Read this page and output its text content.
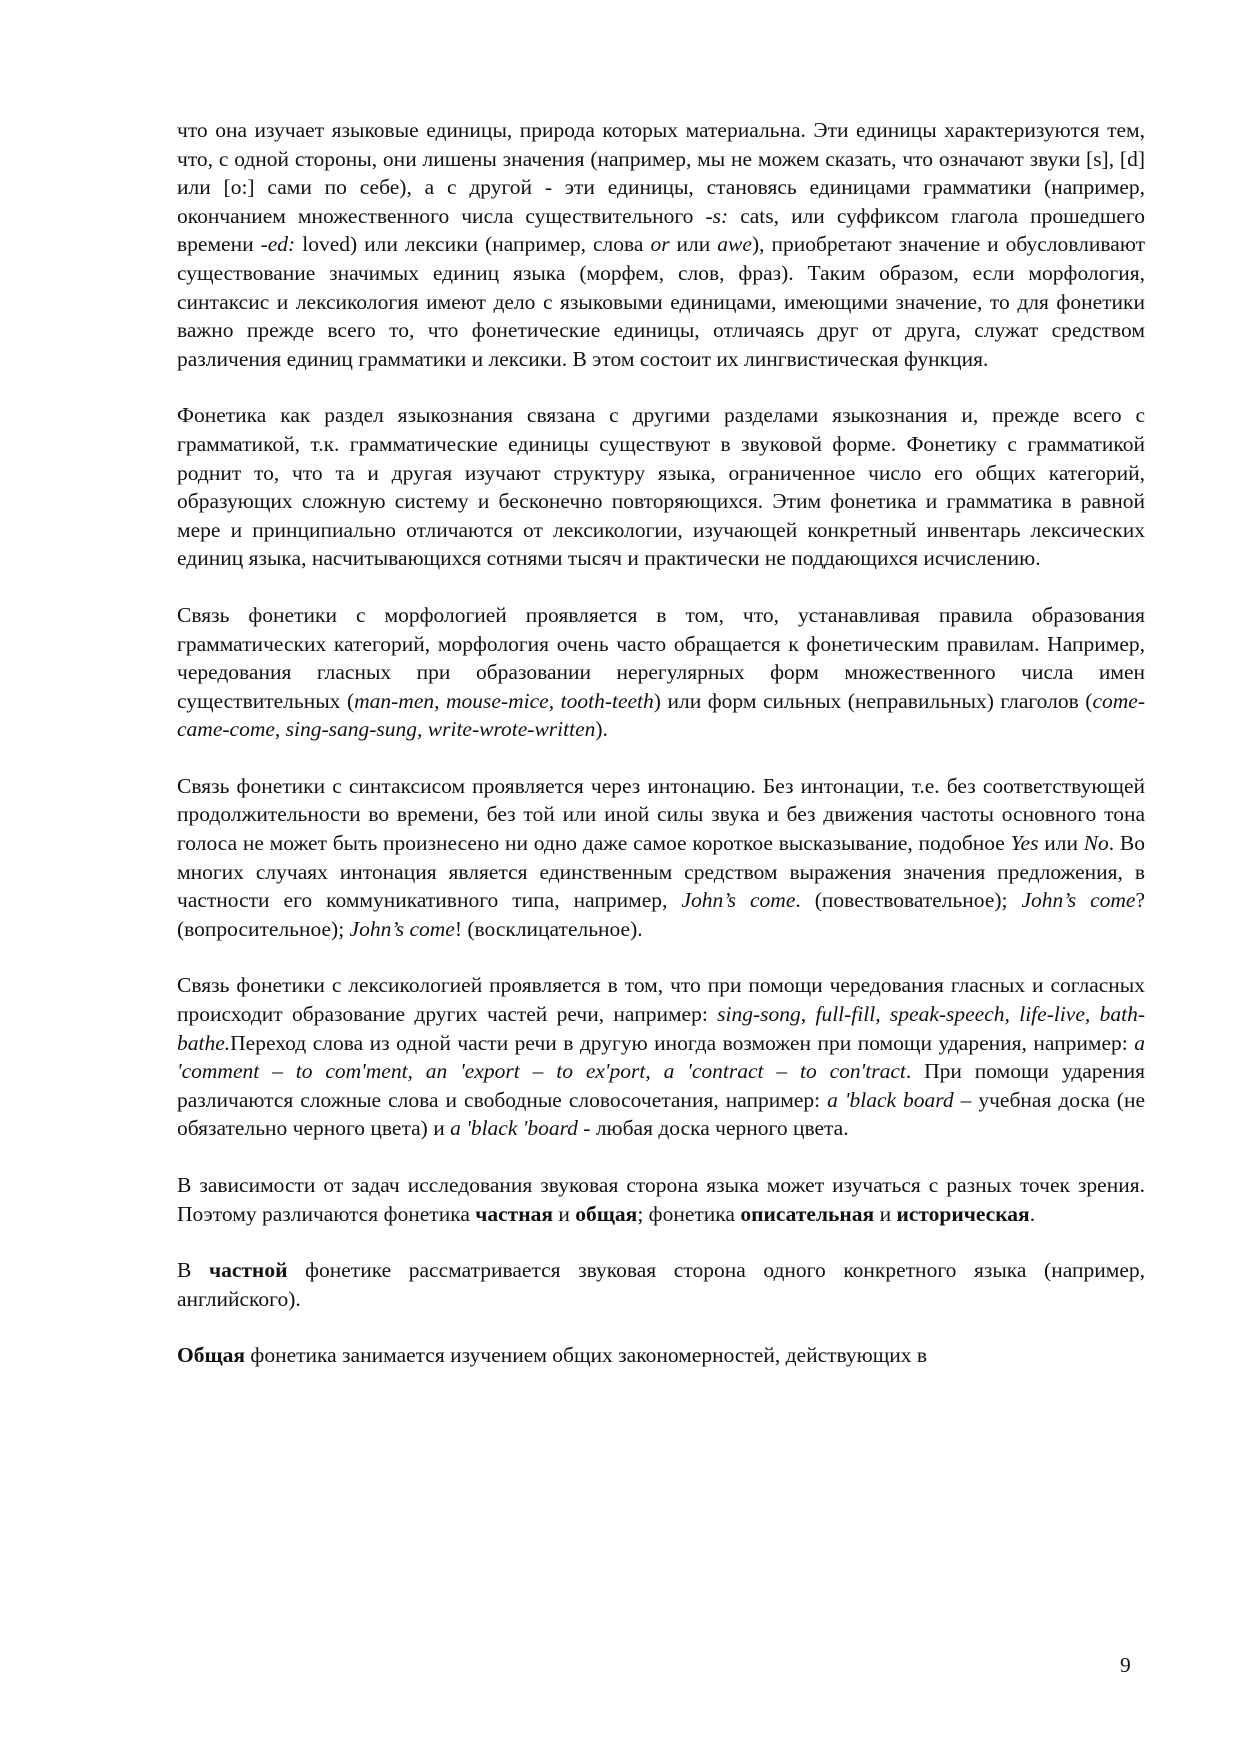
что она изучает языковые единицы, природа которых материальна. Эти единицы характеризуются тем, что, с одной стороны, они лишены значения (например, мы не можем сказать, что означают звуки [s], [d] или [o:] сами по себе), а с другой - эти единицы, становясь единицами грамматики (например, окончанием множественного числа существительного -s: cats, или суффиксом глагола прошедшего времени -ed: loved) или лексики (например, слова or или awe), приобретают значение и обусловливают существование значимых единиц языка (морфем, слов, фраз). Таким образом, если морфология, синтаксис и лексикология имеют дело с языковыми единицами, имеющими значение, то для фонетики важно прежде всего то, что фонетические единицы, отличаясь друг от друга, служат средством различения единиц грамматики и лексики. В этом состоит их лингвистическая функция.

Фонетика как раздел языкознания связана с другими разделами языкознания и, прежде всего с грамматикой, т.к. грамматические единицы существуют в звуковой форме. Фонетику с грамматикой роднит то, что та и другая изучают структуру языка, ограниченное число его общих категорий, образующих сложную систему и бесконечно повторяющихся. Этим фонетика и грамматика в равной мере и принципиально отличаются от лексикологии, изучающей конкретный инвентарь лексических единиц языка, насчитывающихся сотнями тысяч и практически не поддающихся исчислению.

Связь фонетики с морфологией проявляется в том, что, устанавливая правила образования грамматических категорий, морфология очень часто обращается к фонетическим правилам. Например, чередования гласных при образовании нерегулярных форм множественного числа имен существительных (man-men, mouse-mice, tooth-teeth) или форм сильных (неправильных) глаголов (come-came-come, sing-sang-sung, write-wrote-written).

Связь фонетики с синтаксисом проявляется через интонацию. Без интонации, т.е. без соответствующей продолжительности во времени, без той или иной силы звука и без движения частоты основного тона голоса не может быть произнесено ни одно даже самое короткое высказывание, подобное Yes или No. Во многих случаях интонация является единственным средством выражения значения предложения, в частности его коммуникативного типа, например, John’s come. (повествовательное); John’s come? (вопросительное); John’s come! (восклицательное).

Связь фонетики с лексикологией проявляется в том, что при помощи чередования гласных и согласных происходит образование других частей речи, например: sing-song, full-fill, speak-speech, life-live, bath-bathe.Переход слова из одной части речи в другую иногда возможен при помощи ударения, например: a 'comment – to com'ment, an 'export – to ex'port, a 'contract – to con'tract. При помощи ударения различаются сложные слова и свободные словосочетания, например: a 'black board – учебная доска (не обязательно черного цвета) и a 'black 'board - любая доска черного цвета.

В зависимости от задач исследования звуковая сторона языка может изучаться с разных точек зрения. Поэтому различаются фонетика частная и общая; фонетика описательная и историческая.

В частной фонетике рассматривается звуковая сторона одного конкретного языка (например, английского).

Общая фонетика занимается изучением общих закономерностей, действующих в

9
